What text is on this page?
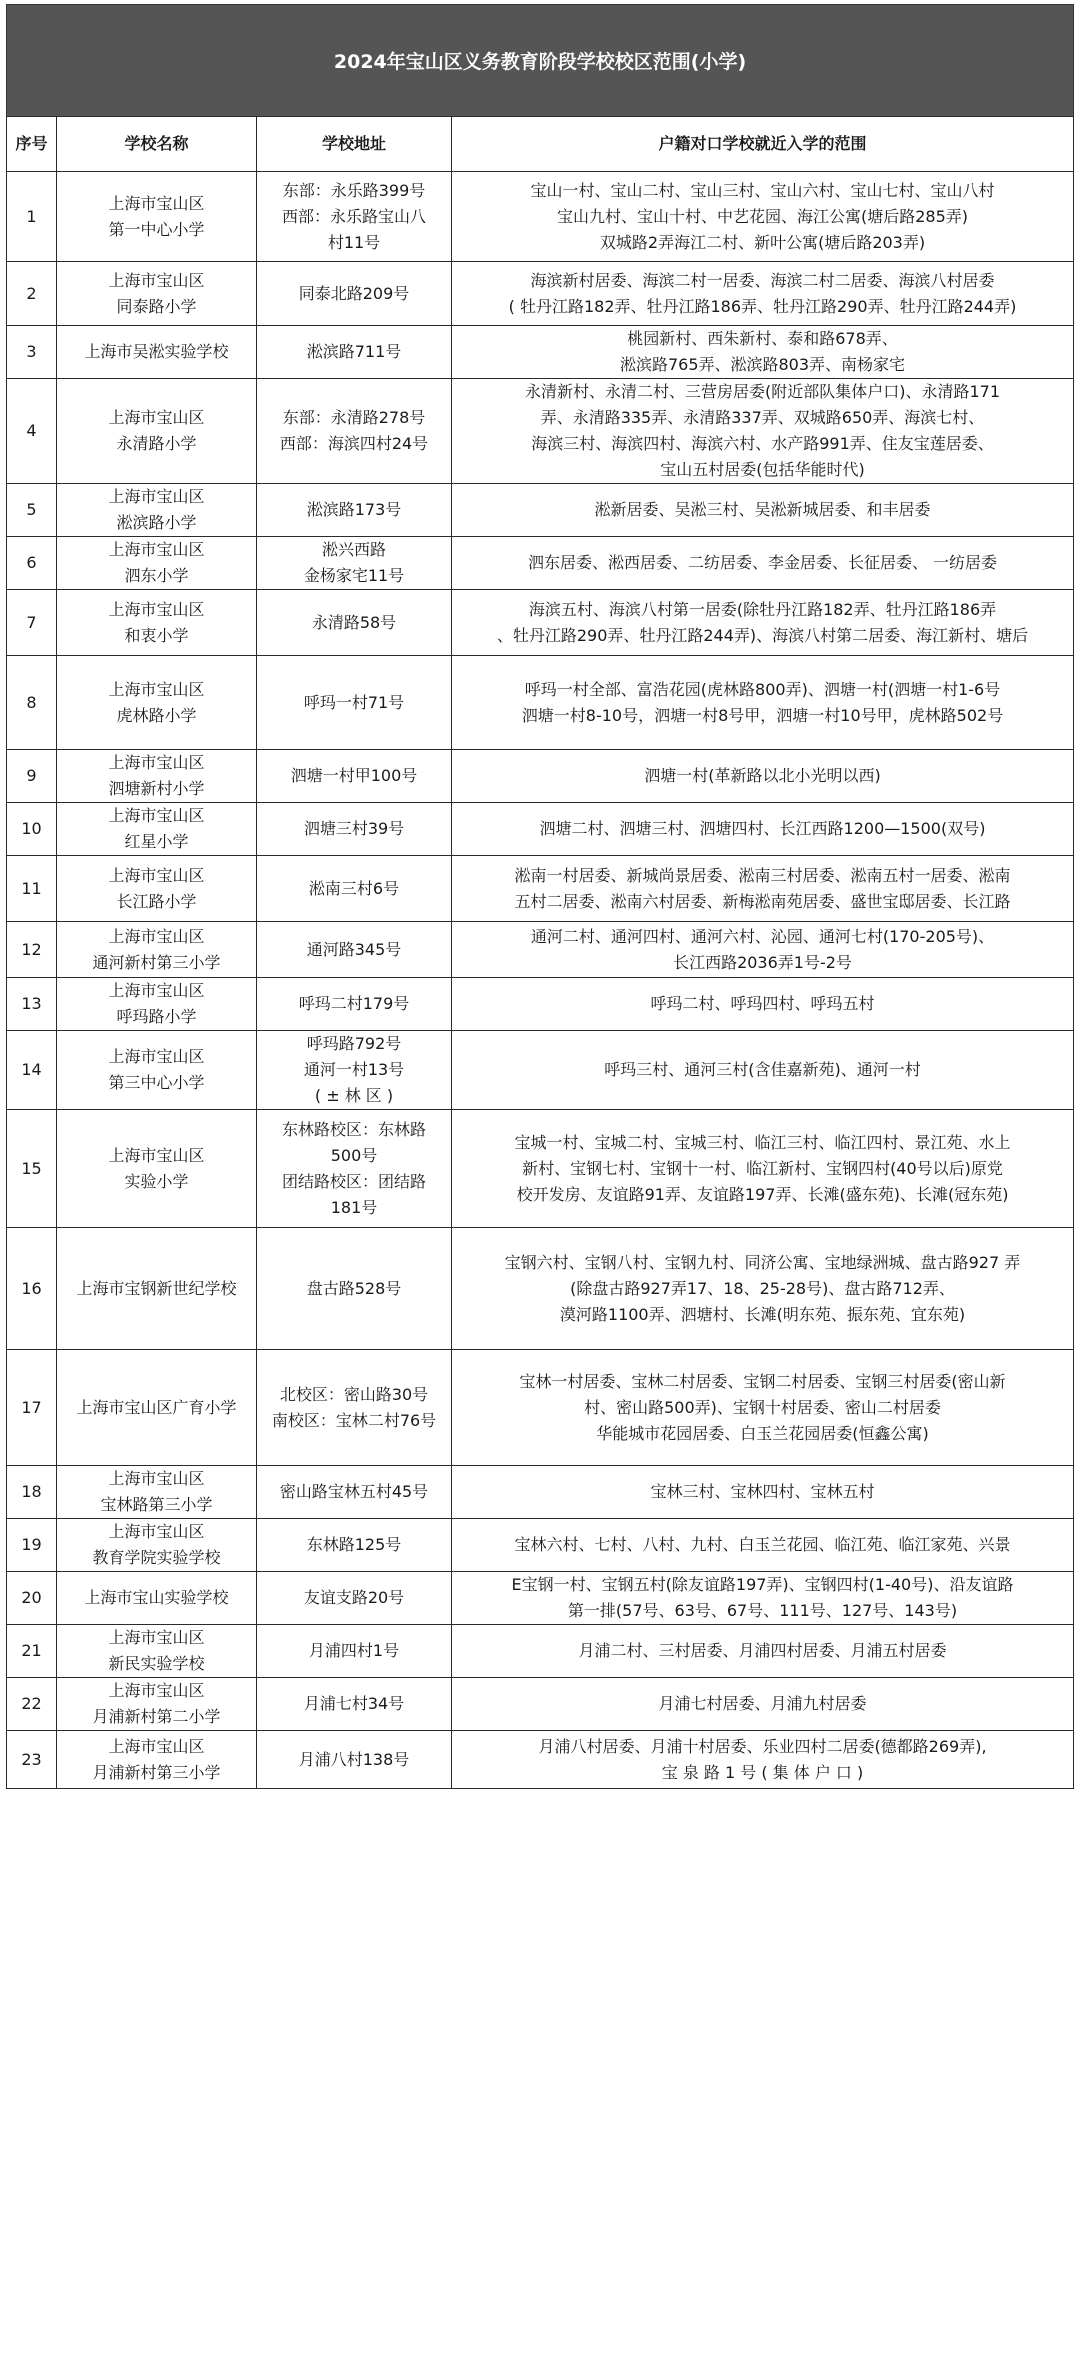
2024年宝山区义务教育阶段学校校区范围(小学)
序号	学校名称	学校地址	户籍对口学校就近入学的范围

1	上海市宝山区
第一中心小学	东部：永乐路399号
西部：永乐路宝山八
村11号	宝山一村、宝山二村、宝山三村、宝山六村、宝山七村、宝山八村
宝山九村、宝山十村、中艺花园、海江公寓(塘后路285弄)
双城路2弄海江二村、新叶公寓(塘后路203弄)

2	上海市宝山区
同泰路小学	同泰北路209号	海滨新村居委、海滨二村一居委、海滨二村二居委、海滨八村居委
( 牡丹江路182弄、牡丹江路186弄、牡丹江路290弄、牡丹江路244弄)

3	上海市吴淞实验学校	淞滨路711号	桃园新村、西朱新村、泰和路678弄、
淞滨路765弄、淞滨路803弄、南杨家宅

4	上海市宝山区
永清路小学	东部：永清路278号
西部：海滨四村24号	永清新村、永清二村、三营房居委(附近部队集体户口)、永清路171
弄、永清路335弄、永清路337弄、双城路650弄、海滨七村、
海滨三村、海滨四村、海滨六村、水产路991弄、住友宝莲居委、
宝山五村居委(包括华能时代)

5	上海市宝山区
淞滨路小学	淞滨路173号	淞新居委、吴淞三村、吴淞新城居委、和丰居委

6	上海市宝山区
泗东小学	淞兴西路
金杨家宅11号	泗东居委、淞西居委、二纺居委、李金居委、长征居委、 一纺居委

7	上海市宝山区
和衷小学	永清路58号	海滨五村、海滨八村第一居委(除牡丹江路182弄、牡丹江路186弄
、牡丹江路290弄、牡丹江路244弄)、海滨八村第二居委、海江新村、塘后

8	上海市宝山区
虎林路小学	呼玛一村71号	呼玛一村全部、富浩花园(虎林路800弄)、泗塘一村(泗塘一村1-6号
泗塘一村8-10号，泗塘一村8号甲，泗塘一村10号甲，虎林路502号

9	上海市宝山区
泗塘新村小学	泗塘一村甲100号	泗塘一村(革新路以北小光明以西)

10	上海市宝山区
红星小学	泗塘三村39号	泗塘二村、泗塘三村、泗塘四村、长江西路1200—1500(双号)

11	上海市宝山区
长江路小学	淞南三村6号	淞南一村居委、新城尚景居委、淞南三村居委、淞南五村一居委、淞南
五村二居委、淞南六村居委、新梅淞南苑居委、盛世宝邸居委、长江路

12	上海市宝山区
通河新村第三小学	通河路345号	通河二村、通河四村、通河六村、沁园、通河七村(170-205号)、
长江西路2036弄1号-2号

13	上海市宝山区
呼玛路小学	呼玛二村179号	呼玛二村、呼玛四村、呼玛五村

14	上海市宝山区
第三中心小学	呼玛路792号
通河一村13号
( ± 林 区 )	呼玛三村、通河三村(含佳嘉新苑)、通河一村

15	上海市宝山区
实验小学	东林路校区：东林路
500号
团结路校区：团结路
181号	宝城一村、宝城二村、宝城三村、临江三村、临江四村、景江苑、水上
新村、宝钢七村、宝钢十一村、临江新村、宝钢四村(40号以后)原党
校开发房、友谊路91弄、友谊路197弄、长滩(盛东苑)、长滩(冠东苑)

16	上海市宝钢新世纪学校	盘古路528号	宝钢六村、宝钢八村、宝钢九村、同济公寓、宝地绿洲城、盘古路927 弄
(除盘古路927弄17、18、25-28号)、盘古路712弄、
漠河路1100弄、泗塘村、长滩(明东苑、振东苑、宜东苑)

17	上海市宝山区广育小学	北校区：密山路30号
南校区：宝林二村76号	宝林一村居委、宝林二村居委、宝钢二村居委、宝钢三村居委(密山新
村、密山路500弄)、宝钢十村居委、密山二村居委
华能城市花园居委、白玉兰花园居委(恒鑫公寓)

18	上海市宝山区
宝林路第三小学	密山路宝林五村45号	宝林三村、宝林四村、宝林五村

19	上海市宝山区
教育学院实验学校	东林路125号	宝林六村、七村、八村、九村、白玉兰花园、临江苑、临江家苑、兴景

20	上海市宝山实验学校	友谊支路20号	E宝钢一村、宝钢五村(除友谊路197弄)、宝钢四村(1-40号)、沿友谊路
第一排(57号、63号、67号、111号、127号、143号)

21	上海市宝山区
新民实验学校	月浦四村1号	月浦二村、三村居委、月浦四村居委、月浦五村居委

22	上海市宝山区
月浦新村第二小学	月浦七村34号	月浦七村居委、月浦九村居委

23	上海市宝山区
月浦新村第三小学	月浦八村138号	月浦八村居委、月浦十村居委、乐业四村二居委(德都路269弄),
宝 泉 路 1 号 ( 集 体 户 口 )
